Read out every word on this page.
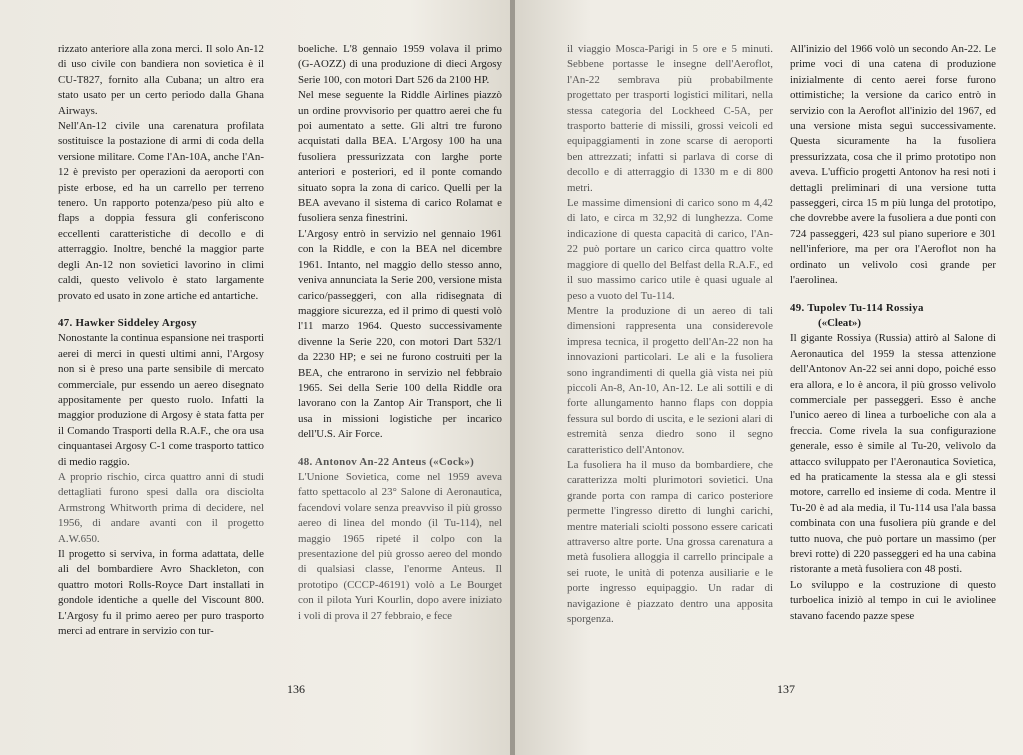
rizzato anteriore alla zona merci. Il solo An-12 di uso civile con bandiera non sovietica è il CU-T827, fornito alla Cubana; un altro era stato usato per un certo periodo dalla Ghana Airways.

Nell'An-12 civile una carenatura profilata sostituisce la postazione di armi di coda della versione militare. Come l'An-10A, anche l'An-12 è previsto per operazioni da aeroporti con piste erbose, ed ha un carrello per terreno tenero. Un rapporto potenza/peso più alto e flaps a doppia fessura gli conferiscono eccellenti caratteristiche di decollo e di atterraggio. Inoltre, benché la maggior parte degli An-12 non sovietici lavorino in climi caldi, questo velivolo è stato largamente provato ed usato in zone artiche ed antartiche.

47. Hawker Siddeley Argosy

Nonostante la continua espansione nei trasporti aerei di merci in questi ultimi anni, l'Argosy non si è preso una parte sensibile di mercato commerciale, pur essendo un aereo disegnato appositamente per questo ruolo. Infatti la maggior produzione di Argosy è stata fatta per il Comando Trasporti della R.A.F., che ora usa cinquantasei Argosy C-1 come trasporto tattico di medio raggio.

A proprio rischio, circa quattro anni di studi dettagliati furono spesi dalla ora disciolta Armstrong Whitworth prima di decidere, nel 1956, di andare avanti con il progetto A.W.650.

Il progetto si serviva, in forma adattata, delle ali del bombardiere Avro Shackleton, con quattro motori Rolls-Royce Dart installati in gondole identiche a quelle del Viscount 800. L'Argosy fu il primo aereo per puro trasporto merci ad entrare in servizio con tur-

boeliche. L'8 gennaio 1959 volava il primo (G-AOZZ) di una produzione di dieci Argosy Serie 100, con motori Dart 526 da 2100 HP.

Nel mese seguente la Riddle Airlines piazzò un ordine provvisorio per quattro aerei che fu poi aumentato a sette. Gli altri tre furono acquistati dalla BEA. L'Argosy 100 ha una fusoliera pressurizzata con larghe porte anteriori e posteriori, ed il ponte comando situato sopra la zona di carico. Quelli per la BEA avevano il sistema di carico Rolamat e fusoliera senza finestrini.

L'Argosy entrò in servizio nel gennaio 1961 con la Riddle, e con la BEA nel dicembre 1961. Intanto, nel maggio dello stesso anno, veniva annunciata la Serie 200, versione mista carico/passeggeri, con alla ridisegnata di maggiore sicurezza, ed il primo di questi volò l'11 marzo 1964. Questo successivamente divenne la Serie 220, con motori Dart 532/1 da 2230 HP; e sei ne furono costruiti per la BEA, che entrarono in servizio nel febbraio 1965. Sei della Serie 100 della Riddle ora lavorano con la Zantop Air Transport, che li usa in missioni logistiche per incarico dell'U.S. Air Force.

48. Antonov An-22 Anteus («Cock»)

L'Unione Sovietica, come nel 1959 aveva fatto spettacolo al 23° Salone di Aeronautica, facendovi volare senza preavviso il più grosso aereo di linea del mondo (il Tu-114), nel maggio 1965 ripeté il colpo con la presentazione del più grosso aereo del mondo di qualsiasi classe, l'enorme Anteus. Il prototipo (CCCP-46191) volò a Le Bourget con il pilota Yuri Kourlin, dopo avere iniziato i voli di prova il 27 febbraio, e fece

136

il viaggio Mosca-Parigi in 5 ore e 5 minuti. Sebbene portasse le insegne dell'Aeroflot, l'An-22 sembrava più probabilmente progettato per trasporti logistici militari, nella stessa categoria del Lockheed C-5A, per trasporto batterie di missili, grossi veicoli ed equipaggiamenti in zone scarse di aeroporti ben attrezzati; infatti si parlava di corse di decollo e di atterraggio di 1330 m e di 800 metri.

Le massime dimensioni di carico sono m 4,42 di lato, e circa m 32,92 di lunghezza. Come indicazione di questa capacità di carico, l'An-22 può portare un carico circa quattro volte maggiore di quello del Belfast della R.A.F., ed il suo massimo carico utile è quasi uguale al peso a vuoto del Tu-114.

Mentre la produzione di un aereo di tali dimensioni rappresenta una considerevole impresa tecnica, il progetto dell'An-22 non ha innovazioni particolari. Le ali e la fusoliera sono ingrandimenti di quella già vista nei più piccoli An-8, An-10, An-12. Le ali sottili e di forte allungamento hanno flaps con doppia fessura sul bordo di uscita, e le sezioni alari di estremità senza diedro sono il segno caratteristico dell'Antonov.

La fusoliera ha il muso da bombardiere, che caratterizza molti plurimotori sovietici. Una grande porta con rampa di carico posteriore permette l'ingresso diretto di lunghi carichi, mentre materiali sciolti possono essere caricati attraverso altre porte. Una grossa carenatura a metà fusoliera alloggia il carrello principale a sei ruote, le unità di potenza ausiliarie e le porte ingresso equipaggio. Un radar di navigazione è piazzato dentro una apposita sporgenza.

All'inizio del 1966 volò un secondo An-22. Le prime voci di una catena di produzione inizialmente di cento aerei forse furono ottimistiche; la versione da carico entrò in servizio con la Aeroflot all'inizio del 1967, ed una versione mista seguì successivamente. Questa sicuramente ha la fusoliera pressurizzata, cosa che il primo prototipo non aveva. L'ufficio progetti Antonov ha resi noti i dettagli preliminari di una versione tutta passeggeri, circa 15 m più lunga del prototipo, che dovrebbe avere la fusoliera a due ponti con 724 passeggeri, 423 sul piano superiore e 301 nell'inferiore, ma per ora l'Aeroflot non ha ordinato un velivolo così grande per l'aerolinea.

49. Tupolev Tu-114 Rossiya

(«Cleat»)

Il gigante Rossiya (Russia) attirò al Salone di Aeronautica del 1959 la stessa attenzione dell'Antonov An-22 sei anni dopo, poiché esso era allora, e lo è ancora, il più grosso velivolo commerciale per passeggeri. Esso è anche l'unico aereo di linea a turboeliche con ala a freccia. Come rivela la sua configurazione generale, esso è simile al Tu-20, velivolo da attacco sviluppato per l'Aeronautica Sovietica, ed ha praticamente la stessa ala e gli stessi motore, carrello ed insieme di coda. Mentre il Tu-20 è ad ala media, il Tu-114 usa l'ala bassa combinata con una fusoliera più grande e del tutto nuova, che può portare un massimo (per brevi rotte) di 220 passeggeri ed ha una cabina ristorante a metà fusoliera con 48 posti.

Lo sviluppo e la costruzione di questo turboelica iniziò al tempo in cui le aviolinee stavano facendo pazze spese

137
